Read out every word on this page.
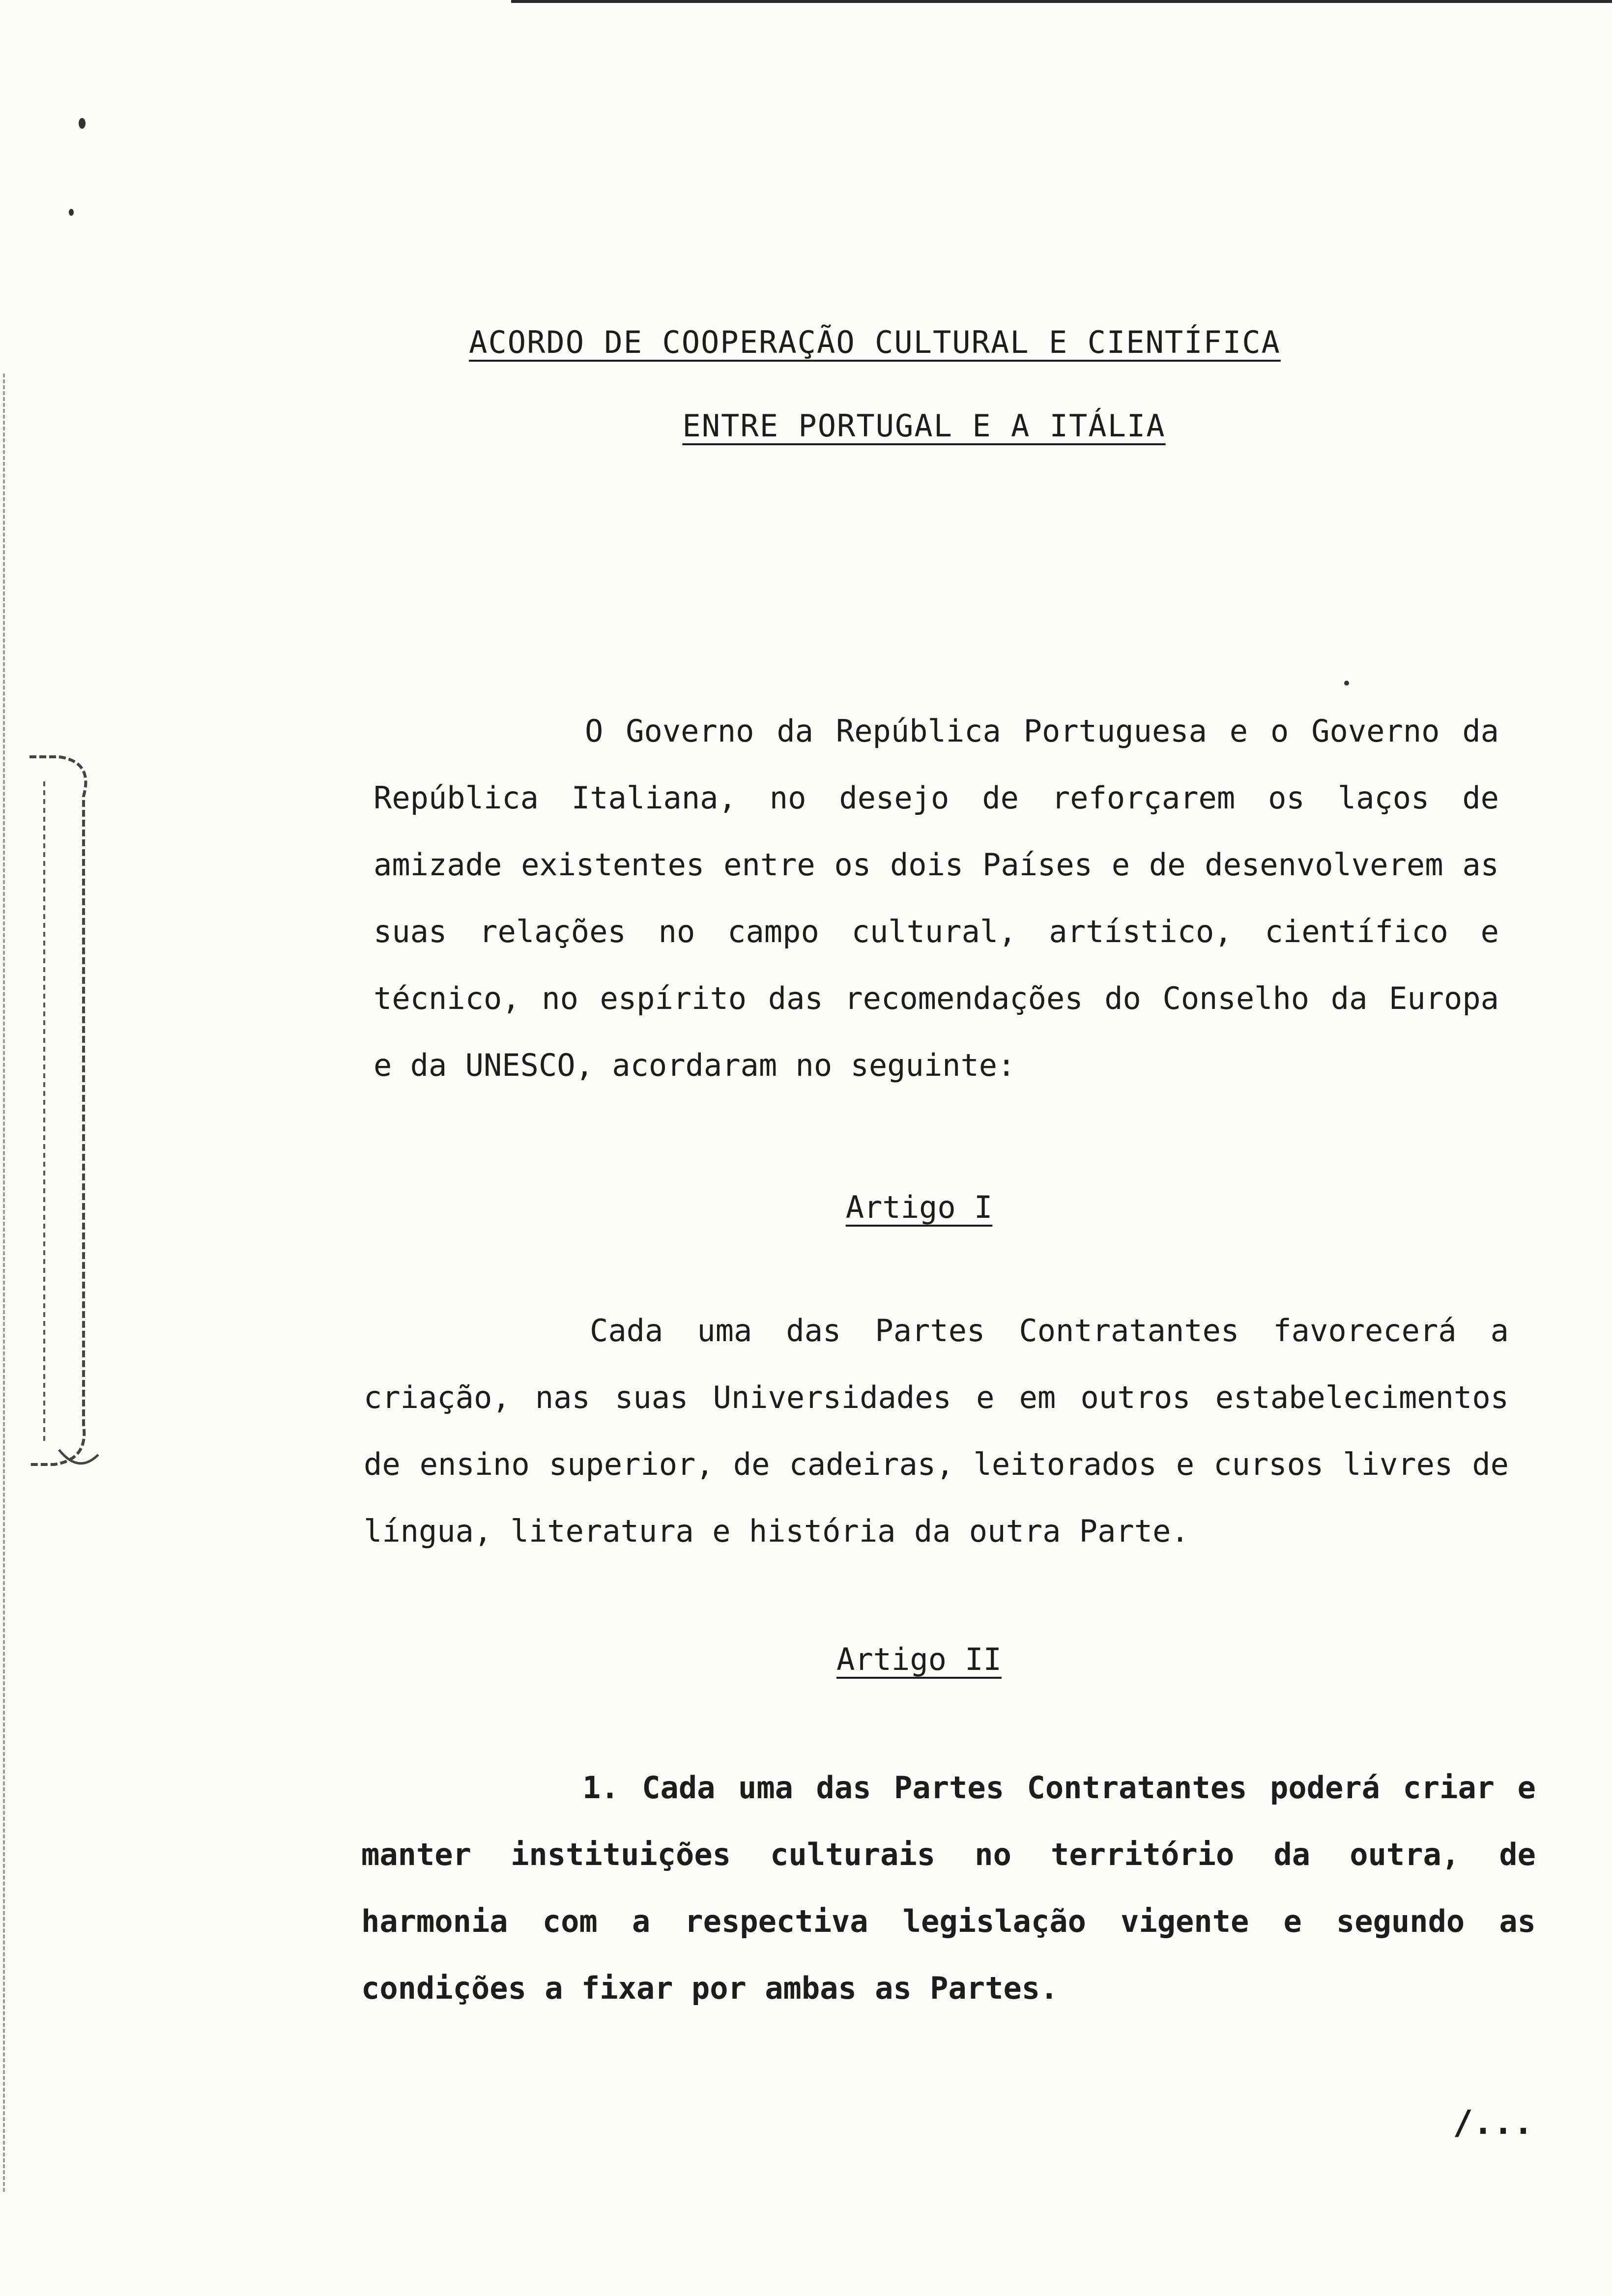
ACORDO DE COOPERAÇÃO CULTURAL E CIENTÍFICA
ENTRE PORTUGAL E A ITÁLIA
O Governo da República Portuguesa e o Governo da República Italiana, no desejo de reforçarem os laços de amizade existentes entre os dois Países e de desenvolverem as suas relações no campo cultural, artístico, científico e técnico, no espírito das recomendações do Conselho da Europa e da UNESCO, acordaram no seguinte:
Artigo I
Cada uma das Partes Contratantes favorecerá a criação, nas suas Universidades e em outros estabelecimentos de ensino superior, de cadeiras, leitorados e cursos livres de língua, literatura e história da outra Parte.
Artigo II
1. Cada uma das Partes Contratantes poderá criar e manter instituições culturais no território da outra, de harmonia com a respectiva legislação vigente e segundo as condições a fixar por ambas as Partes.
/...
